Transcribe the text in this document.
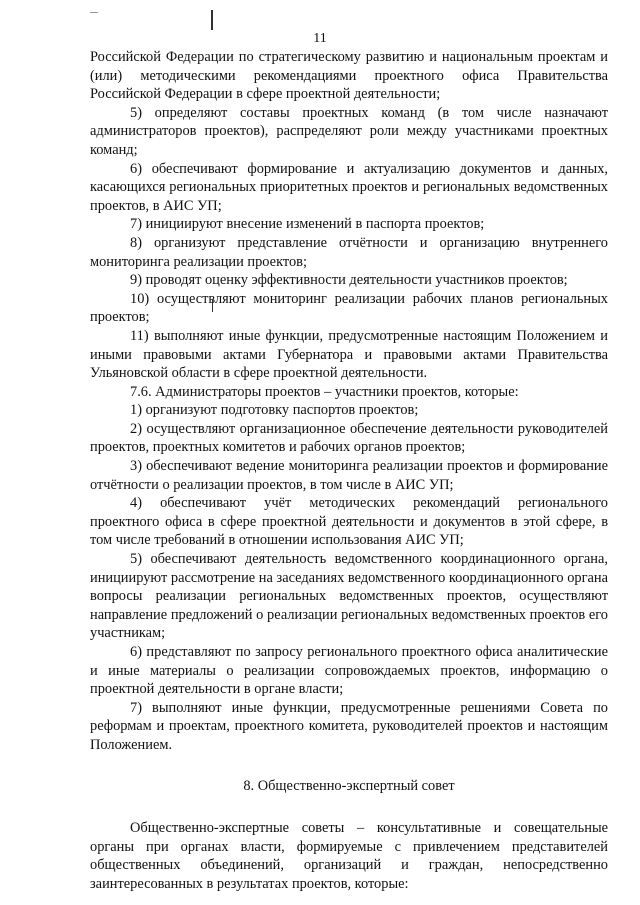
11

Российской Федерации по стратегическому развитию и национальным проектам и (или) методическими рекомендациями проектного офиса Правительства Российской Федерации в сфере проектной деятельности;

5) определяют составы проектных команд (в том числе назначают администраторов проектов), распределяют роли между участниками проектных команд;

6) обеспечивают формирование и актуализацию документов и данных, касающихся региональных приоритетных проектов и региональных ведомственных проектов, в АИС УП;

7) инициируют внесение изменений в паспорта проектов;

8) организуют представление отчётности и организацию внутреннего мониторинга реализации проектов;

9) проводят оценку эффективности деятельности участников проектов;

10) осуществляют мониторинг реализации рабочих планов региональных проектов;

11) выполняют иные функции, предусмотренные настоящим Положением и иными правовыми актами Губернатора и правовыми актами Правительства Ульяновской области в сфере проектной деятельности.

7.6. Администраторы проектов – участники проектов, которые:

1) организуют подготовку паспортов проектов;

2) осуществляют организационное обеспечение деятельности руководителей проектов, проектных комитетов и рабочих органов проектов;

3) обеспечивают ведение мониторинга реализации проектов и формирование отчётности о реализации проектов, в том числе в АИС УП;

4) обеспечивают учёт методических рекомендаций регионального проектного офиса в сфере проектной деятельности и документов в этой сфере, в том числе требований в отношении использования АИС УП;

5) обеспечивают деятельность ведомственного координационного органа, инициируют рассмотрение на заседаниях ведомственного координационного органа вопросы реализации региональных ведомственных проектов, осуществляют направление предложений о реализации региональных ведомственных проектов его участникам;

6) представляют по запросу регионального проектного офиса аналитические и иные материалы о реализации сопровождаемых проектов, информацию о проектной деятельности в органе власти;

7) выполняют иные функции, предусмотренные решениями Совета по реформам и проектам, проектного комитета, руководителей проектов и настоящим Положением.

8. Общественно-экспертный совет

Общественно-экспертные советы – консультативные и совещательные органы при органах власти, формируемые с привлечением представителей общественных объединений, организаций и граждан, непосредственно заинтересованных в результатах проектов, которые:
